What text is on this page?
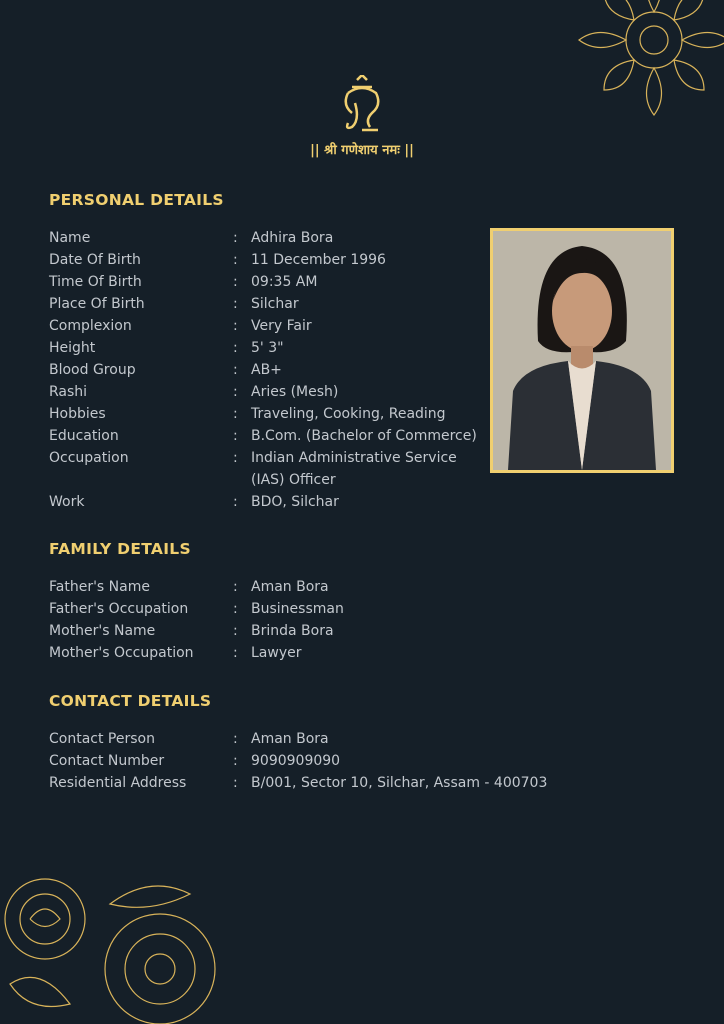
|| श्री गणेशाय नमः ||
PERSONAL DETAILS
Name	: Adhira Bora
Date Of Birth	: 11 December 1996
Time Of Birth	: 09:35 AM
Place Of Birth	: Silchar
Complexion	: Very Fair
Height	: 5' 3"
Blood Group	: AB+
Rashi	: Aries (Mesh)
Hobbies	: Traveling, Cooking, Reading
Education	: B.Com. (Bachelor of Commerce)
Occupation	: Indian Administrative Service (IAS) Officer
Work	: BDO, Silchar
FAMILY DETAILS
Father's Name	: Aman Bora
Father's Occupation	: Businessman
Mother's Name	: Brinda Bora
Mother's Occupation	: Lawyer
CONTACT DETAILS
Contact Person	: Aman Bora
Contact Number	: 9090909090
Residential Address	: B/001, Sector 10, Silchar, Assam - 400703
